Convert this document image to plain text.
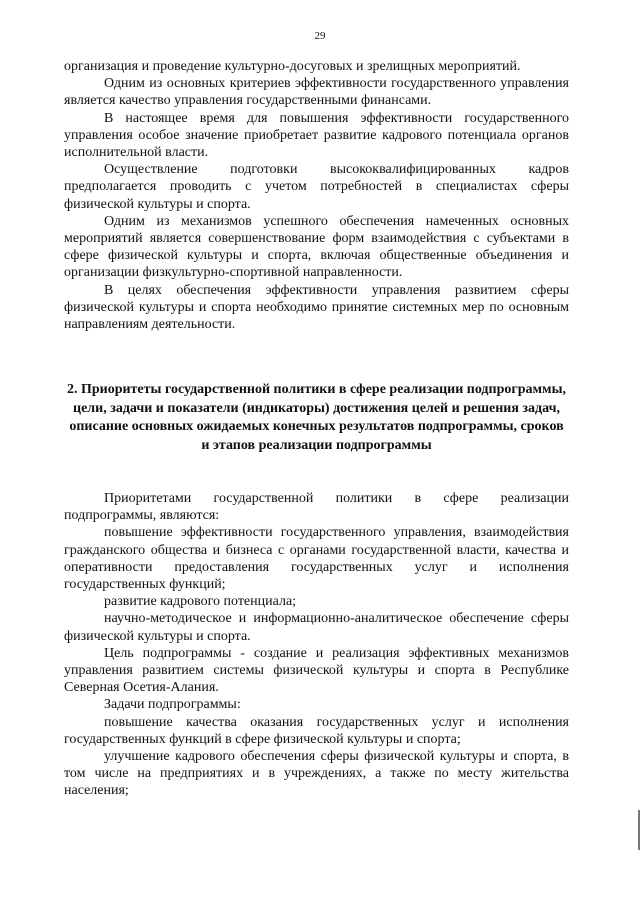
29

организация и проведение культурно-досуговых и зрелищных мероприятий.

Одним из основных критериев эффективности государственного управления является качество управления государственными финансами.

В настоящее время для повышения эффективности государственного управления особое значение приобретает развитие кадрового потенциала органов исполнительной власти.

Осуществление подготовки высококвалифицированных кадров предполагается проводить с учетом потребностей в специалистах сферы физической культуры и спорта.

Одним из механизмов успешного обеспечения намеченных основных мероприятий является совершенствование форм взаимодействия с субъектами в сфере физической культуры и спорта, включая общественные объединения и организации физкультурно-спортивной направленности.

В целях обеспечения эффективности управления развитием сферы физической культуры и спорта необходимо принятие системных мер по основным направлениям деятельности.

2. Приоритеты государственной политики в сфере реализации подпрограммы, цели, задачи и показатели (индикаторы) достижения целей и решения задач, описание основных ожидаемых конечных результатов подпрограммы, сроков и этапов реализации подпрограммы

Приоритетами государственной политики в сфере реализации подпрограммы, являются:

повышение эффективности государственного управления, взаимодействия гражданского общества и бизнеса с органами государственной власти, качества и оперативности предоставления государственных услуг и исполнения государственных функций;

развитие кадрового потенциала;

научно-методическое и информационно-аналитическое обеспечение сферы физической культуры и спорта.

Цель подпрограммы - создание и реализация эффективных механизмов управления развитием системы физической культуры и спорта в Республике Северная Осетия-Алания.

Задачи подпрограммы:

повышение качества оказания государственных услуг и исполнения государственных функций в сфере физической культуры и спорта;

улучшение кадрового обеспечения сферы физической культуры и спорта, в том числе на предприятиях и в учреждениях, а также по месту жительства населения;
